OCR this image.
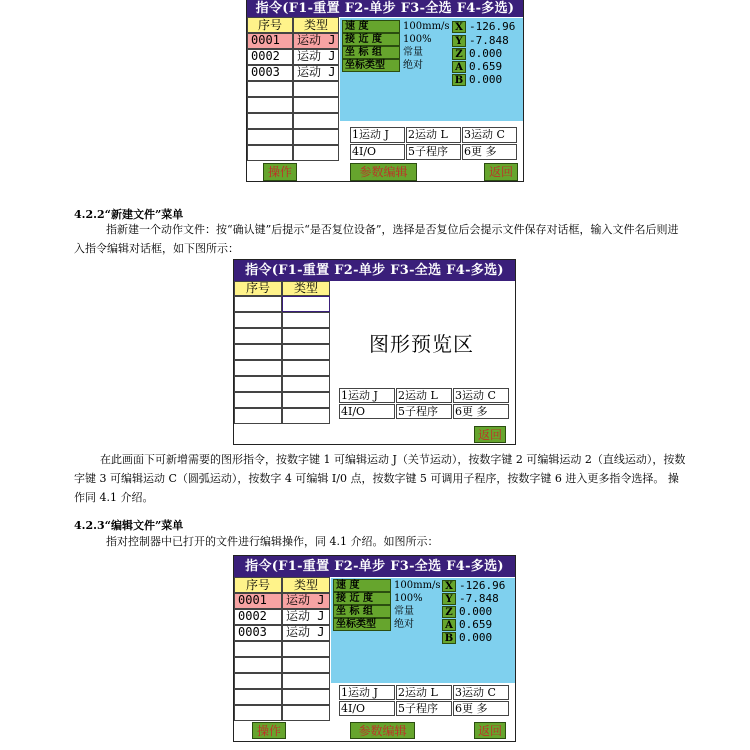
指令(F1-重置 F2-单步 F3-全选 F4-多选)
序号	类型
0001	运动 J
0002	运动 J
0003	运动 J
速 度	100mm/s
接 近 度	100%
坐 标 组	常量
坐标类型	绝对
X -126.96
Y -7.848
Z 0.000
A 0.659
B 0.000
1运动 J	2运动 L	3运动 C
4I/O	5子程序	6更 多
操作	参数编辑	返回
4.2.2“新建文件”菜单
指新建一个动作文件：按“确认键”后提示“是否复位设备”，选择是否复位后会提示文件保存对话框，输入文件名后则进入指令编辑对话框，如下图所示：
指令(F1-重置 F2-单步 F3-全选 F4-多选)
序号	类型
图形预览区
1运动 J	2运动 L	3运动 C
4I/O	5子程序	6更 多
返回
在此画面下可新增需要的图形指令，按数字键 1 可编辑运动 J（关节运动），按数字键 2 可编辑运动 2（直线运动），按数字键 3 可编辑运动 C（圆弧运动），按数字 4 可编辑 I/0 点，按数字键 5 可调用子程序，按数字键 6 进入更多指令选择。 操作同 4.1 介绍。
4.2.3“编辑文件”菜单
指对控制器中已打开的文件进行编辑操作，同 4.1 介绍。如图所示：
指令(F1-重置 F2-单步 F3-全选 F4-多选)
序号	类型
0001	运动 J
0002	运动 J
0003	运动 J
速 度	100mm/s
接 近 度	100%
坐 标 组	常量
坐标类型	绝对
X -126.96
Y -7.848
Z 0.000
A 0.659
B 0.000
1运动 J	2运动 L	3运动 C
4I/O	5子程序	6更 多
操作	参数编辑	返回
